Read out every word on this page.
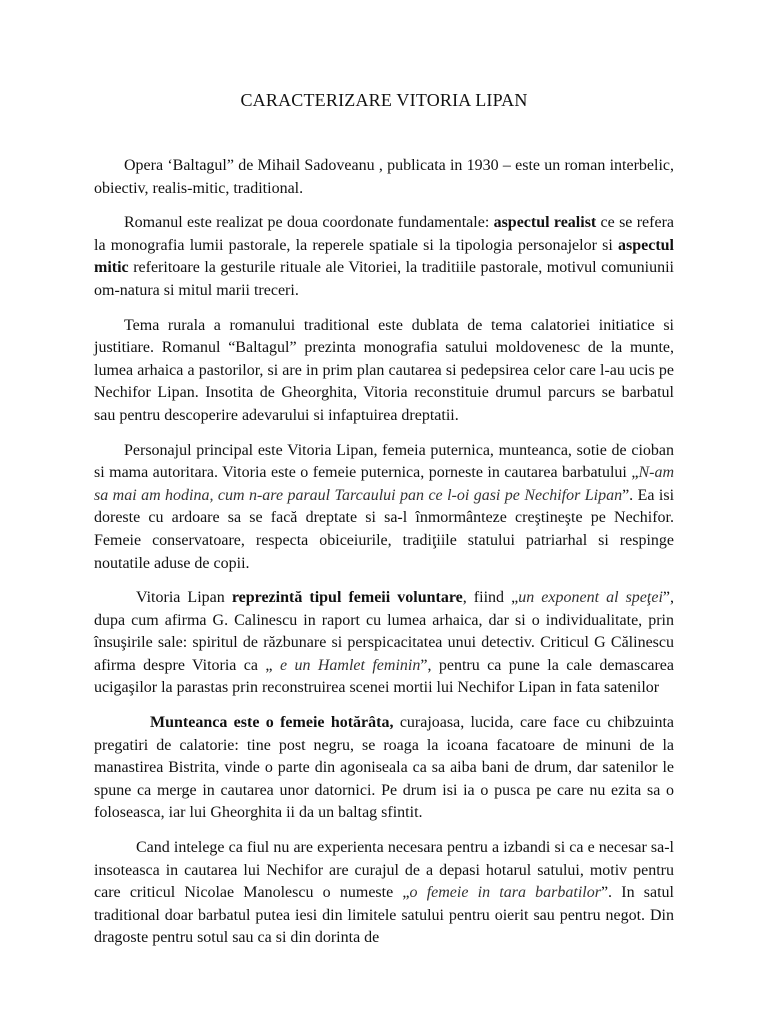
CARACTERIZARE VITORIA LIPAN

Opera ‘Baltagul” de Mihail Sadoveanu , publicata in 1930 – este un roman interbelic, obiectiv, realis-mitic, traditional.

Romanul este realizat pe doua coordonate fundamentale: aspectul realist ce se refera la monografia lumii pastorale, la reperele spatiale si la tipologia personajelor si aspectul mitic referitoare la gesturile rituale ale Vitoriei, la traditiile pastorale, motivul comuniunii om-natura si mitul marii treceri.

Tema rurala a romanului traditional este dublata de tema calatoriei initiatice si justitiare. Romanul “Baltagul” prezinta monografia satului moldovenesc de la munte, lumea arhaica a pastorilor, si are in prim plan cautarea si pedepsirea celor care l-au ucis pe Nechifor Lipan. Insotita de Gheorghita, Vitoria reconstituie drumul parcurs se barbatul sau pentru descoperire adevarului si infaptuirea dreptatii.

Personajul principal este Vitoria Lipan, femeia puternica, munteanca, sotie de cioban si mama autoritara. Vitoria este o femeie puternica, porneste in cautarea barbatului „N-am sa mai am hodina, cum n-are paraul Tarcaului pan ce l-oi gasi pe Nechifor Lipan”. Ea isi doreste cu ardoare sa se facă dreptate si sa-l înmormânteze creştineşte pe Nechifor. Femeie conservatoare, respecta obiceiurile, tradiţiile statului patriarhal si respinge noutatile aduse de copii.

Vitoria Lipan reprezintă tipul femeii voluntare, fiind „un exponent al speţei”, dupa cum afirma G. Calinescu in raport cu lumea arhaica, dar si o individualitate, prin însuşirile sale: spiritul de răzbunare si perspicacitatea unui detectiv. Criticul G Călinescu afirma despre Vitoria ca „ e un Hamlet feminin”, pentru ca pune la cale demascarea ucigaşilor la parastas prin reconstruirea scenei mortii lui Nechifor Lipan in fata satenilor

Munteanca este o femeie hotărâta, curajoasa, lucida, care face cu chibzuinta pregatiri de calatorie: tine post negru, se roaga la icoana facatoare de minuni de la manastirea Bistrita, vinde o parte din agoniseala ca sa aiba bani de drum, dar satenilor le spune ca merge in cautarea unor datornici. Pe drum isi ia o pusca pe care nu ezita sa o foloseasca, iar lui Gheorghita ii da un baltag sfintit.

Cand intelege ca fiul nu are experienta necesara pentru a izbandi si ca e necesar sa-l insoteasca in cautarea lui Nechifor are curajul de a depasi hotarul satului, motiv pentru care criticul Nicolae Manolescu o numeste „o femeie in tara barbatilor”. In satul traditional doar barbatul putea iesi din limitele satului pentru oierit sau pentru negot. Din dragoste pentru sotul sau ca si din dorinta de
